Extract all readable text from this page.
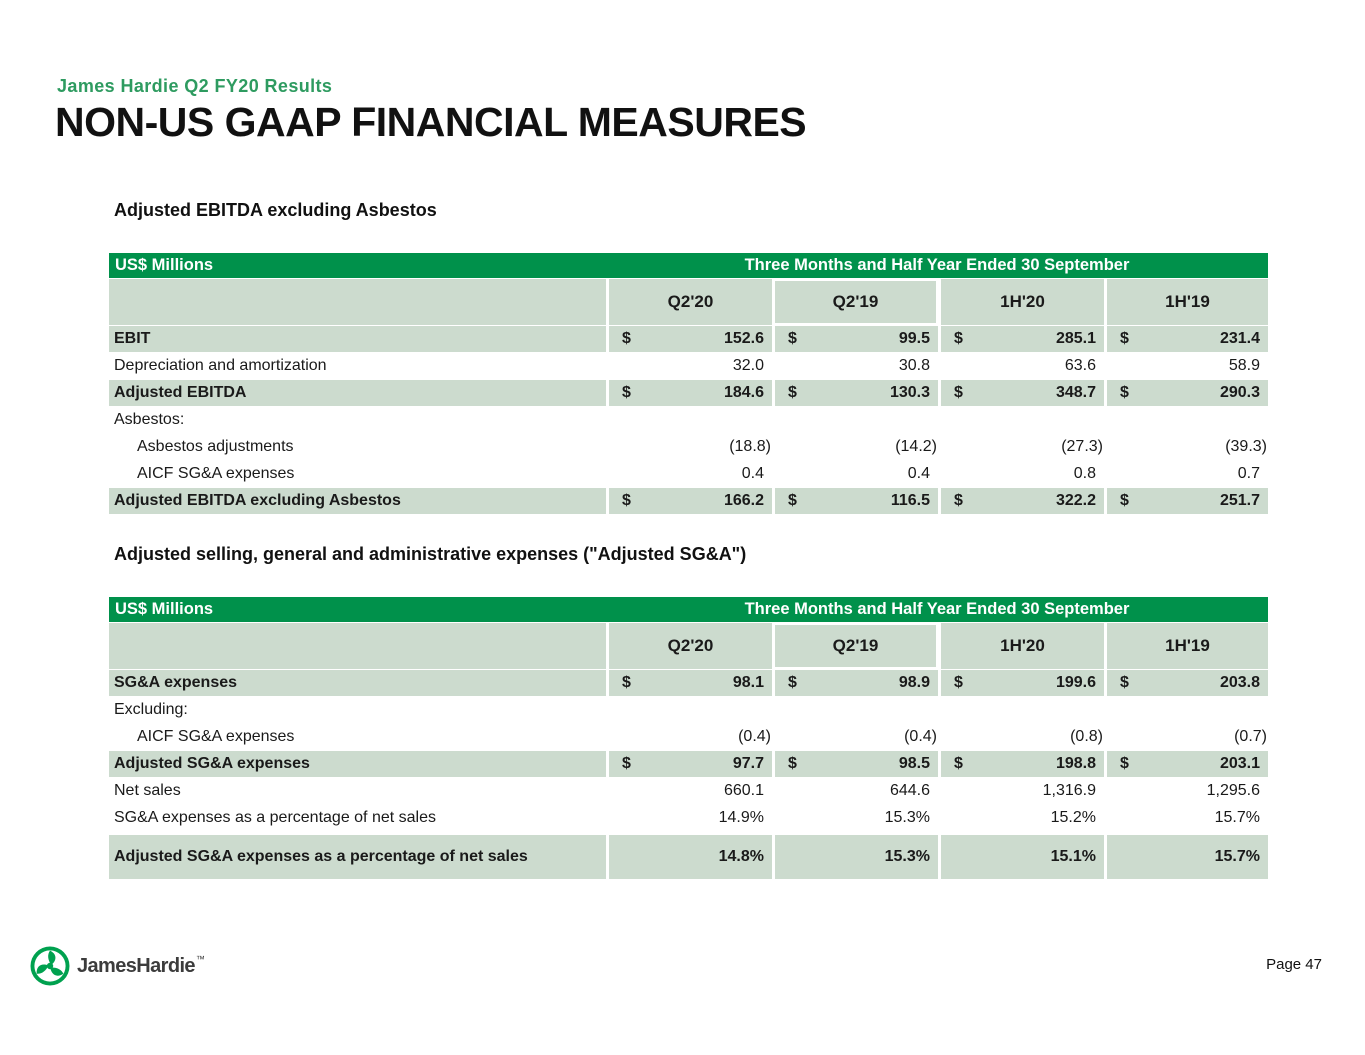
James Hardie Q2 FY20 Results
NON-US GAAP FINANCIAL MEASURES
Adjusted EBITDA excluding Asbestos
US$ Millions	Three Months and Half Year Ended 30 September
Q2'20	Q2'19	1H'20	1H'19
EBIT	$	152.6 $	99.5 $	285.1 $	231.4
Depreciation and amortization	32.0	30.8	63.6	58.9
Adjusted EBITDA	$	184.6 $	130.3 $	348.7 $	290.3
Asbestos:
Asbestos adjustments	(18.8)	(14.2)	(27.3)	(39.3)
AICF SG&A expenses	0.4	0.4	0.8	0.7
Adjusted EBITDA excluding Asbestos	$	166.2 $	116.5 $	322.2 $	251.7
Adjusted selling, general and administrative expenses ("Adjusted SG&A")
US$ Millions	Three Months and Half Year Ended 30 September
Q2'20	Q2'19	1H'20	1H'19
SG&A expenses	$	98.1 $	98.9 $	199.6 $	203.8
Excluding:
AICF SG&A expenses	(0.4)	(0.4)	(0.8)	(0.7)
Adjusted SG&A expenses	$	97.7 $	98.5 $	198.8 $	203.1
Net sales	660.1	644.6	1,316.9	1,295.6
SG&A expenses as a percentage of net sales	14.9%	15.3%	15.2%	15.7%
Adjusted SG&A expenses as a percentage of net sales	14.8%	15.3%	15.1%	15.7%
JamesHardie ™	Page 47
